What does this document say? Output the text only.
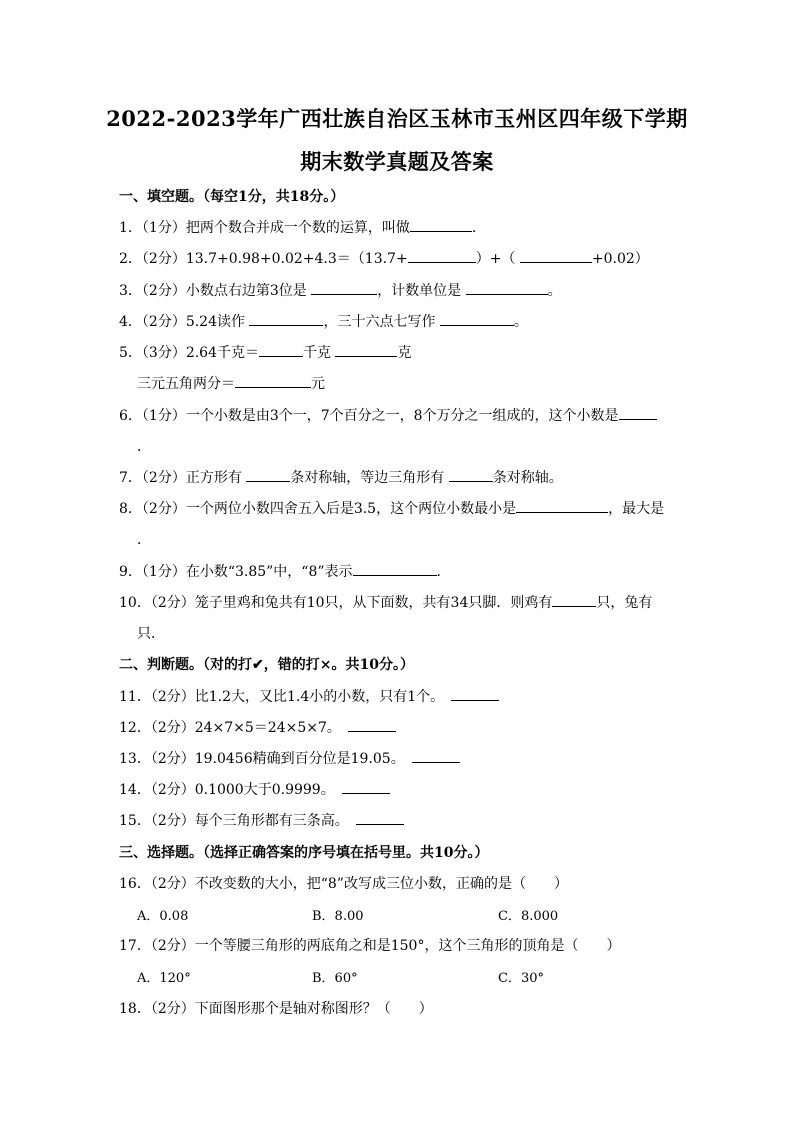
2022-2023学年广西壮族自治区玉林市玉州区四年级下学期
期末数学真题及答案
一、填空题。（每空1分，共18分。）
1．（1分）把两个数合并成一个数的运算，叫做	．
2．（2分）13.7+0.98+0.02+4.3＝（13.7+	）+（	+0.02）
3．（2分）小数点右边第3位是	，计数单位是	。
4．（2分）5.24读作	，三十六点七写作	。
5．（3分）2.64千克＝	千克	克
三元五角两分＝	元
6．（1分）一个小数是由3个一，7个百分之一，8个万分之一组成的，这个小数是
．
7．（2分）正方形有	条对称轴，等边三角形有	条对称轴。
8．（2分）一个两位小数四舍五入后是3.5，这个两位小数最小是	，最大是
．
9．（1分）在小数“3.85”中，“8”表示	．
10．（2分）笼子里鸡和兔共有10只，从下面数，共有34只脚．则鸡有	只，兔有
只．
二、判断题。（对的打✔，错的打×。共10分。）
11．（2分）比1.2大，又比1.4小的小数，只有1个。　
12．（2分）24×7×5＝24×5×7。　
13．（2分）19.0456精确到百分位是19.05。　
14．（2分）0.1000大于0.9999。　
15．（2分）每个三角形都有三条高。　
三、选择题。（选择正确答案的序号填在括号里。共10分。）
16．（2分）不改变数的大小，把“8”改写成三位小数，正确的是（　　）
A．0.08	B．8.00	C．8.000
17．（2分）一个等腰三角形的两底角之和是150°，这个三角形的顶角是（　　）
A．120°	B．60°	C．30°
18．（2分）下面图形那个是轴对称图形？（　　）
